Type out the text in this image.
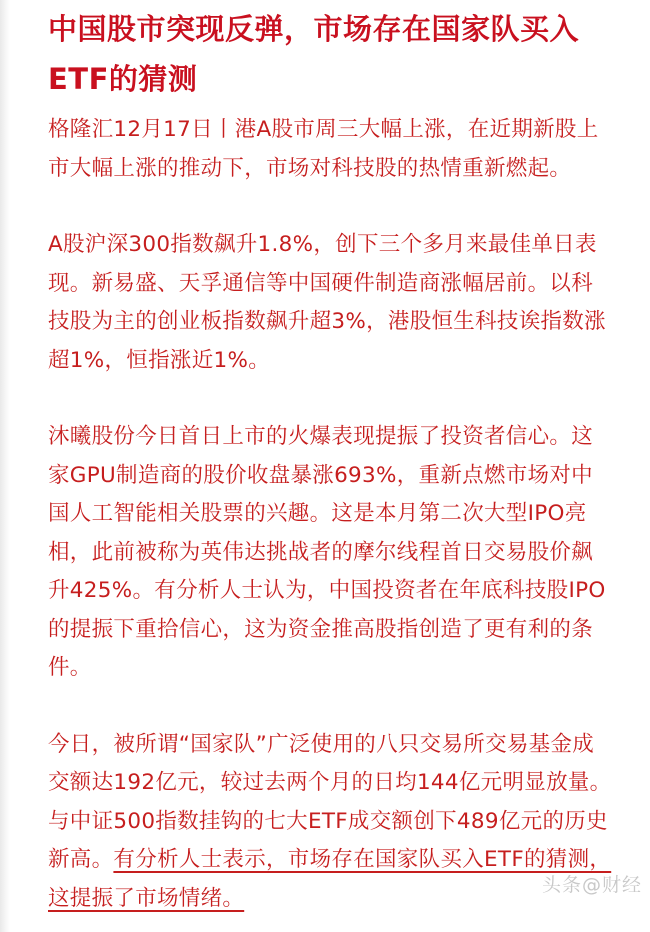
中国股市突现反弹，市场存在国家队买入ETF的猜测

格隆汇12月17日丨港A股市周三大幅上涨，在近期新股上市大幅上涨的推动下，市场对科技股的热情重新燃起。

A股沪深300指数飙升1.8%，创下三个多月来最佳单日表现。新易盛、天孚通信等中国硬件制造商涨幅居前。以科技股为主的创业板指数飙升超3%，港股恒生科技诶指数涨超1%，恒指涨近1%。

沐曦股份今日首日上市的火爆表现提振了投资者信心。这家GPU制造商的股价收盘暴涨693%，重新点燃市场对中国人工智能相关股票的兴趣。这是本月第二次大型IPO亮相，此前被称为英伟达挑战者的摩尔线程首日交易股价飙升425%。有分析人士认为，中国投资者在年底科技股IPO的提振下重拾信心，这为资金推高股指创造了更有利的条件。

今日，被所谓“国家队”广泛使用的八只交易所交易基金成交额达192亿元，较过去两个月的日均144亿元明显放量。与中证500指数挂钩的七大ETF成交额创下489亿元的历史新高。有分析人士表示，市场存在国家队买入ETF的猜测，这提振了市场情绪。

头条@财经
